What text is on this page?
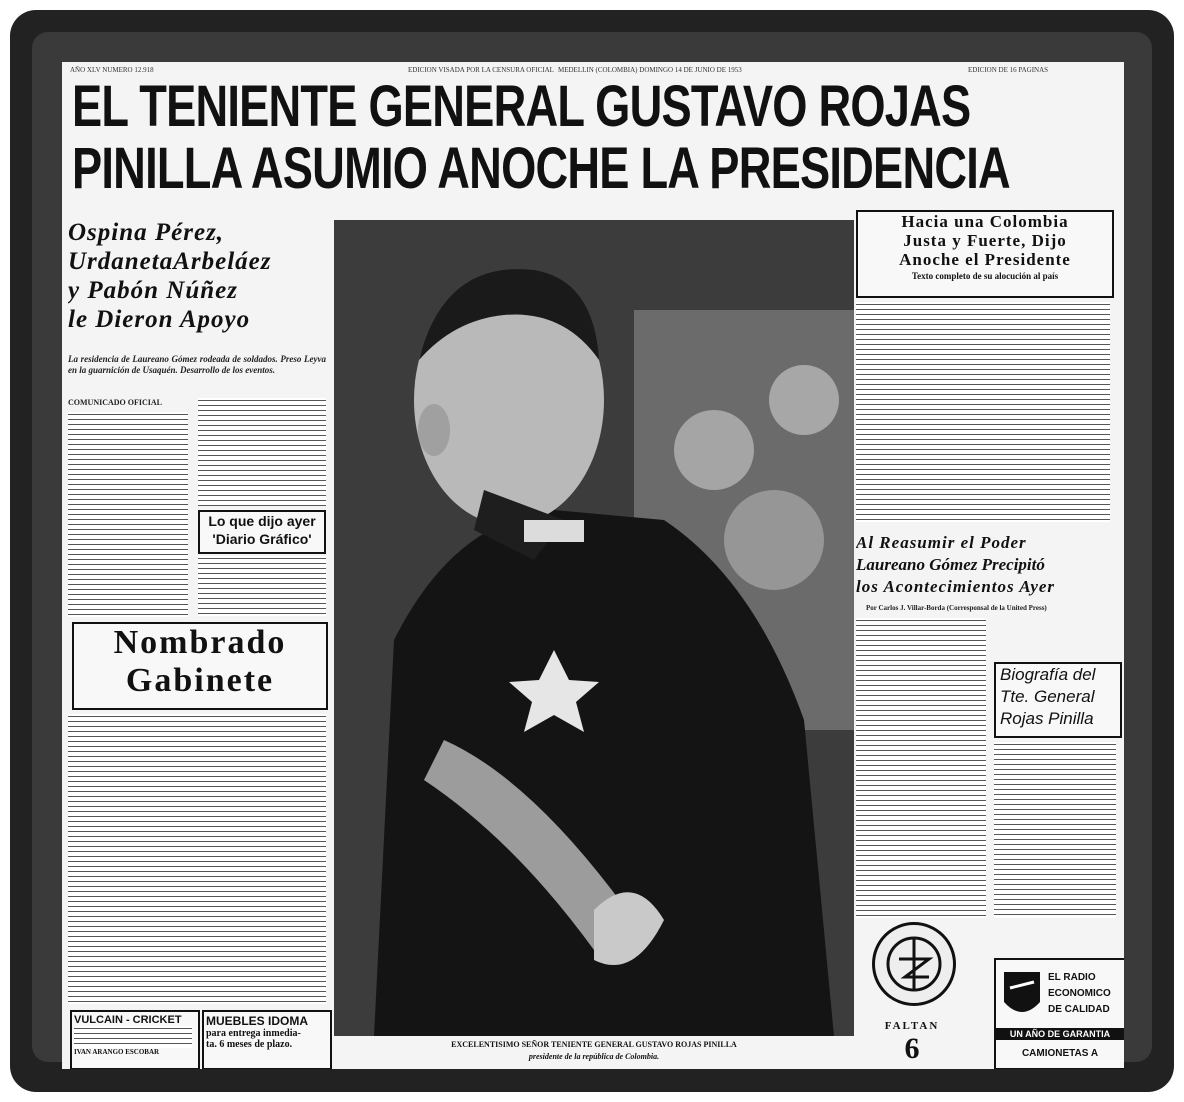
AÑO XLV NUMERO 12.918	EDICION VISADA POR LA CENSURA OFICIAL MEDELLIN (COLOMBIA) DOMINGO 14 DE JUNIO DE 1953	EDICION DE 16 PAGINAS
EL TENIENTE GENERAL GUSTAVO ROJAS
PINILLA ASUMIO ANOCHE LA PRESIDENCIA
Ospina Pérez,
UrdanetaArbeláez
y Pabón Núñez
le Dieron Apoyo
La residencia de Laureano Gómez rodeada de soldados. Preso Leyva en la guarnición de Usaquén. Desarrollo de los eventos.
COMUNICADO OFICIAL
Lo que dijo ayer
'Diario Gráfico'
Nombrado
Gabinete
VULCAIN - CRICKET
IVAN ARANGO ESCOBAR
MUEBLES IDOMA
para entrega inmedia-
ta. 6 meses de plazo.	EXCELENTISIMO SEÑOR TENIENTE GENERAL GUSTAVO ROJAS PINILLA
presidente de la república de Colombia.
Hacia una Colombia
Justa y Fuerte, Dijo
Anoche el Presidente
Texto completo de su alocución al país
Al Reasumir el Poder
Laureano Gómez Precipitó
los Acontecimientos Ayer
Por Carlos J. Villar-Borda (Corresponsal de la United Press)
Biografía del
Tte. General
Rojas Pinilla
FALTAN
6
EL RADIO
ECONOMICO
DE CALIDAD
UN AÑO DE GARANTIA
CAMIONETAS A
